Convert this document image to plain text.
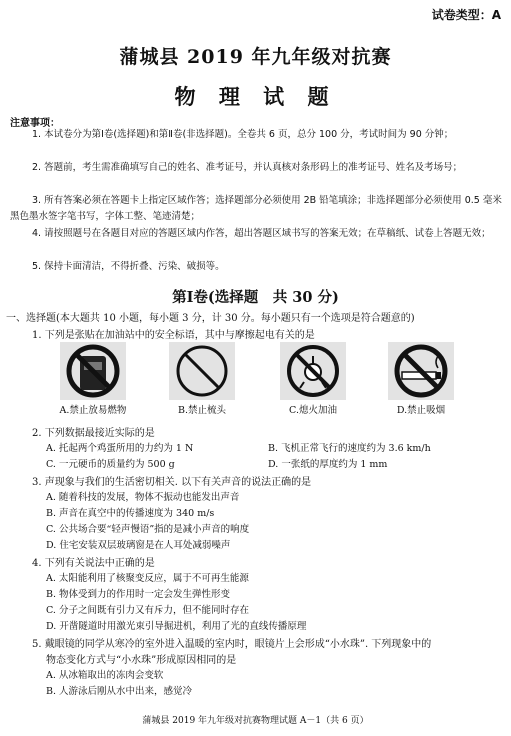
试卷类型：A
蒲城县 2019 年九年级对抗赛
物 理 试 题
注意事项：
1. 本试卷分为第Ⅰ卷(选择题)和第Ⅱ卷(非选择题)。全卷共 6 页，总分 100 分，考试时间为 90 分钟；
2. 答题前，考生需准确填写自己的姓名、准考证号，并认真核对条形码上的准考证号、姓名及考场号；
3. 所有答案必须在答题卡上指定区域作答；选择题部分必须使用 2B 铅笔填涂；非选择题部分必须使用 0.5 毫米黑色墨水签字笔书写，字体工整、笔迹清楚；
4. 请按照题号在各题目对应的答题区域内作答，超出答题区域书写的答案无效；在草稿纸、试卷上答题无效；
5. 保持卡面清洁，不得折叠、污染、破损等。
第Ⅰ卷(选择题　共 30 分)
一、选择题(本大题共 10 小题，每小题 3 分，计 30 分。每小题只有一个选项是符合题意的)
1. 下列是张贴在加油站中的安全标语，其中与摩擦起电有关的是
A.禁止放易燃物	B.禁止梳头	C.熄火加油	D.禁止吸烟
2. 下列数据最接近实际的是
A. 托起两个鸡蛋所用的力约为 1 N	B. 飞机正常飞行的速度约为 3.6 km/h
C. 一元硬币的质量约为 500 g	D. 一张纸的厚度约为 1 mm
3. 声现象与我们的生活密切相关. 以下有关声音的说法正确的是
A. 随着科技的发展，物体不振动也能发出声音
B. 声音在真空中的传播速度为 340 m/s
C. 公共场合要“轻声慢语”指的是减小声音的响度
D. 住宅安装双层玻璃窗是在人耳处减弱噪声
4. 下列有关说法中正确的是
A. 太阳能利用了核聚变反应，属于不可再生能源
B. 物体受到力的作用时一定会发生弹性形变
C. 分子之间既有引力又有斥力，但不能同时存在
D. 开凿隧道时用激光束引导掘进机，利用了光的直线传播原理
5. 戴眼镜的同学从寒冷的室外进入温暖的室内时，眼镜片上会形成“小水珠”. 下列现象中的
物态变化方式与“小水珠”形成原因相同的是
A. 从冰箱取出的冻肉会变软
B. 人游泳后刚从水中出来，感觉冷
蒲城县 2019 年九年级对抗赛物理试题 A－1（共 6 页）
